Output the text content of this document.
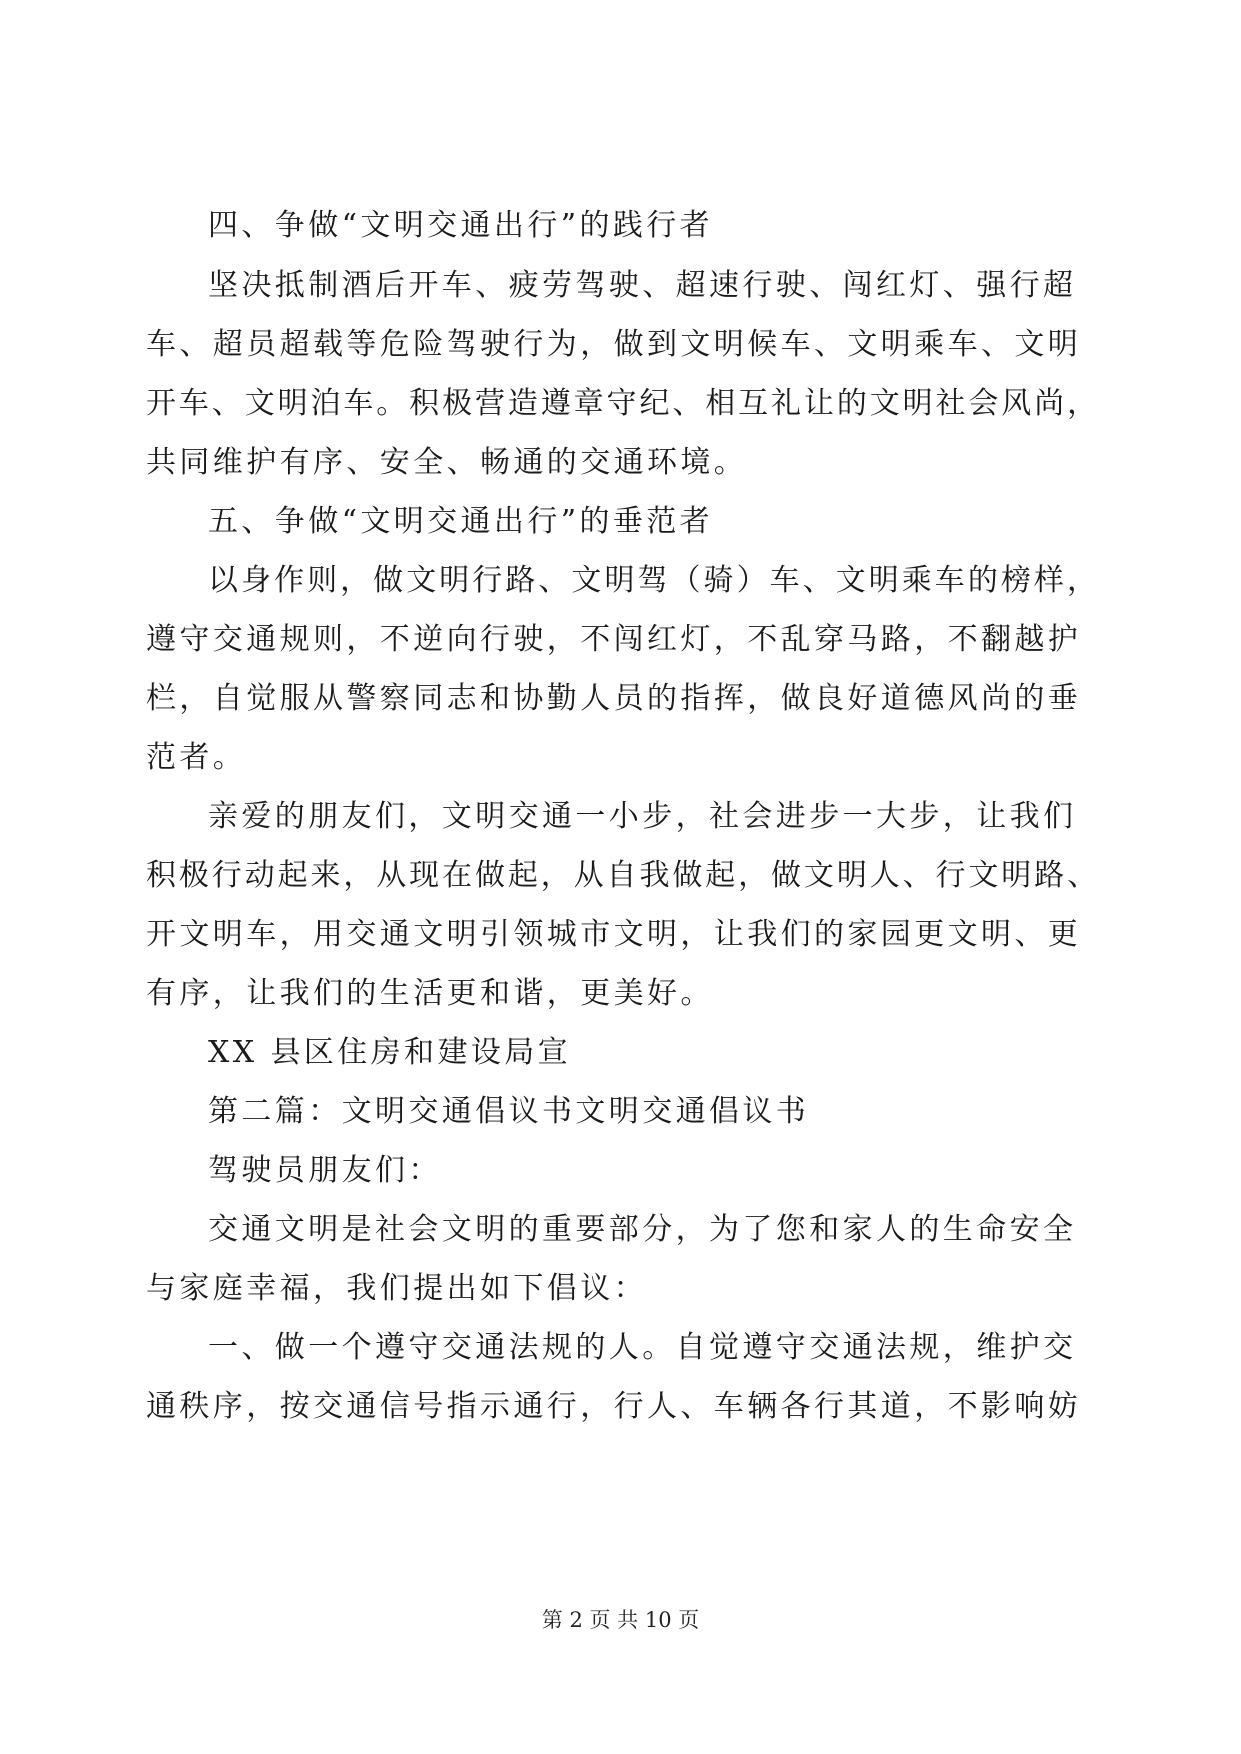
四、争做“文明交通出行”的践行者
坚决抵制酒后开车、疲劳驾驶、超速行驶、闯红灯、强行超
车、超员超载等危险驾驶行为，做到文明候车、文明乘车、文明
开车、文明泊车。积极营造遵章守纪、相互礼让的文明社会风尚，
共同维护有序、安全、畅通的交通环境。
五、争做“文明交通出行”的垂范者
以身作则，做文明行路、文明驾（骑）车、文明乘车的榜样，
遵守交通规则，不逆向行驶，不闯红灯，不乱穿马路，不翻越护
栏，自觉服从警察同志和协勤人员的指挥，做良好道德风尚的垂
范者。
亲爱的朋友们，文明交通一小步，社会进步一大步，让我们
积极行动起来，从现在做起，从自我做起，做文明人、行文明路、
开文明车，用交通文明引领城市文明，让我们的家园更文明、更
有序，让我们的生活更和谐，更美好。
XX 县区住房和建设局宣
第二篇：文明交通倡议书文明交通倡议书
驾驶员朋友们：
交通文明是社会文明的重要部分，为了您和家人的生命安全
与家庭幸福，我们提出如下倡议：
一、做一个遵守交通法规的人。自觉遵守交通法规，维护交
通秩序，按交通信号指示通行，行人、车辆各行其道，不影响妨
第 2 页 共 10 页
